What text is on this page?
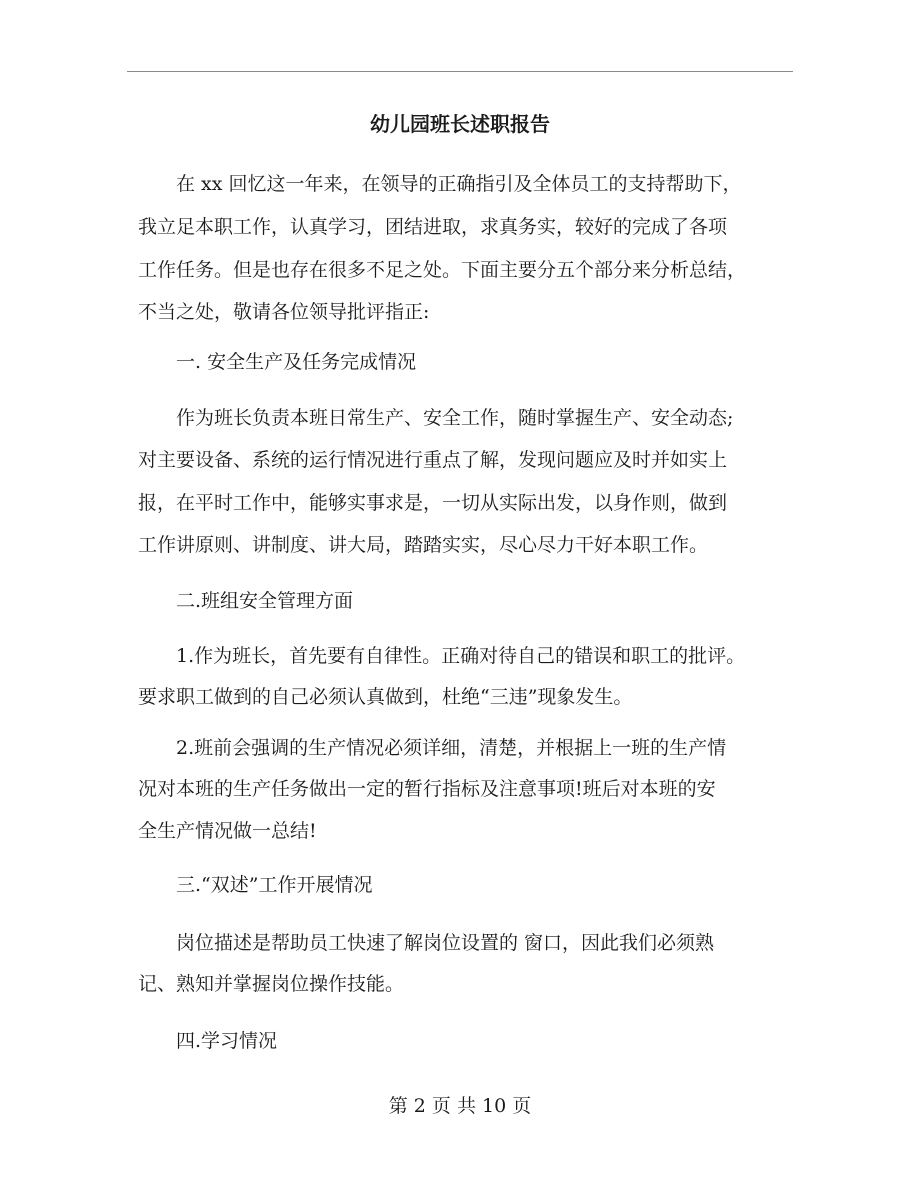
幼儿园班长述职报告
　　在 xx 回忆这一年来，在领导的正确指引及全体员工的支持帮助下，
我立足本职工作，认真学习，团结进取，求真务实，较好的完成了各项
工作任务。但是也存在很多不足之处。下面主要分五个部分来分析总结，
不当之处，敬请各位领导批评指正:
　　一. 安全生产及任务完成情况
　　作为班长负责本班日常生产、安全工作，随时掌握生产、安全动态;
对主要设备、系统的运行情况进行重点了解，发现问题应及时并如实上
报，在平时工作中，能够实事求是，一切从实际出发，以身作则，做到
工作讲原则、讲制度、讲大局，踏踏实实，尽心尽力干好本职工作。
　　二.班组安全管理方面
　　1.作为班长，首先要有自律性。正确对待自己的错误和职工的批评。
要求职工做到的自己必须认真做到，杜绝“三违”现象发生。
　　2.班前会强调的生产情况必须详细，清楚，并根据上一班的生产情
况对本班的生产任务做出一定的暂行指标及注意事项!班后对本班的安
全生产情况做一总结!
　　三.“双述”工作开展情况
　　岗位描述是帮助员工快速了解岗位设置的 窗口，因此我们必须熟
记、熟知并掌握岗位操作技能。
　　四.学习情况
第 2 页 共 10 页
